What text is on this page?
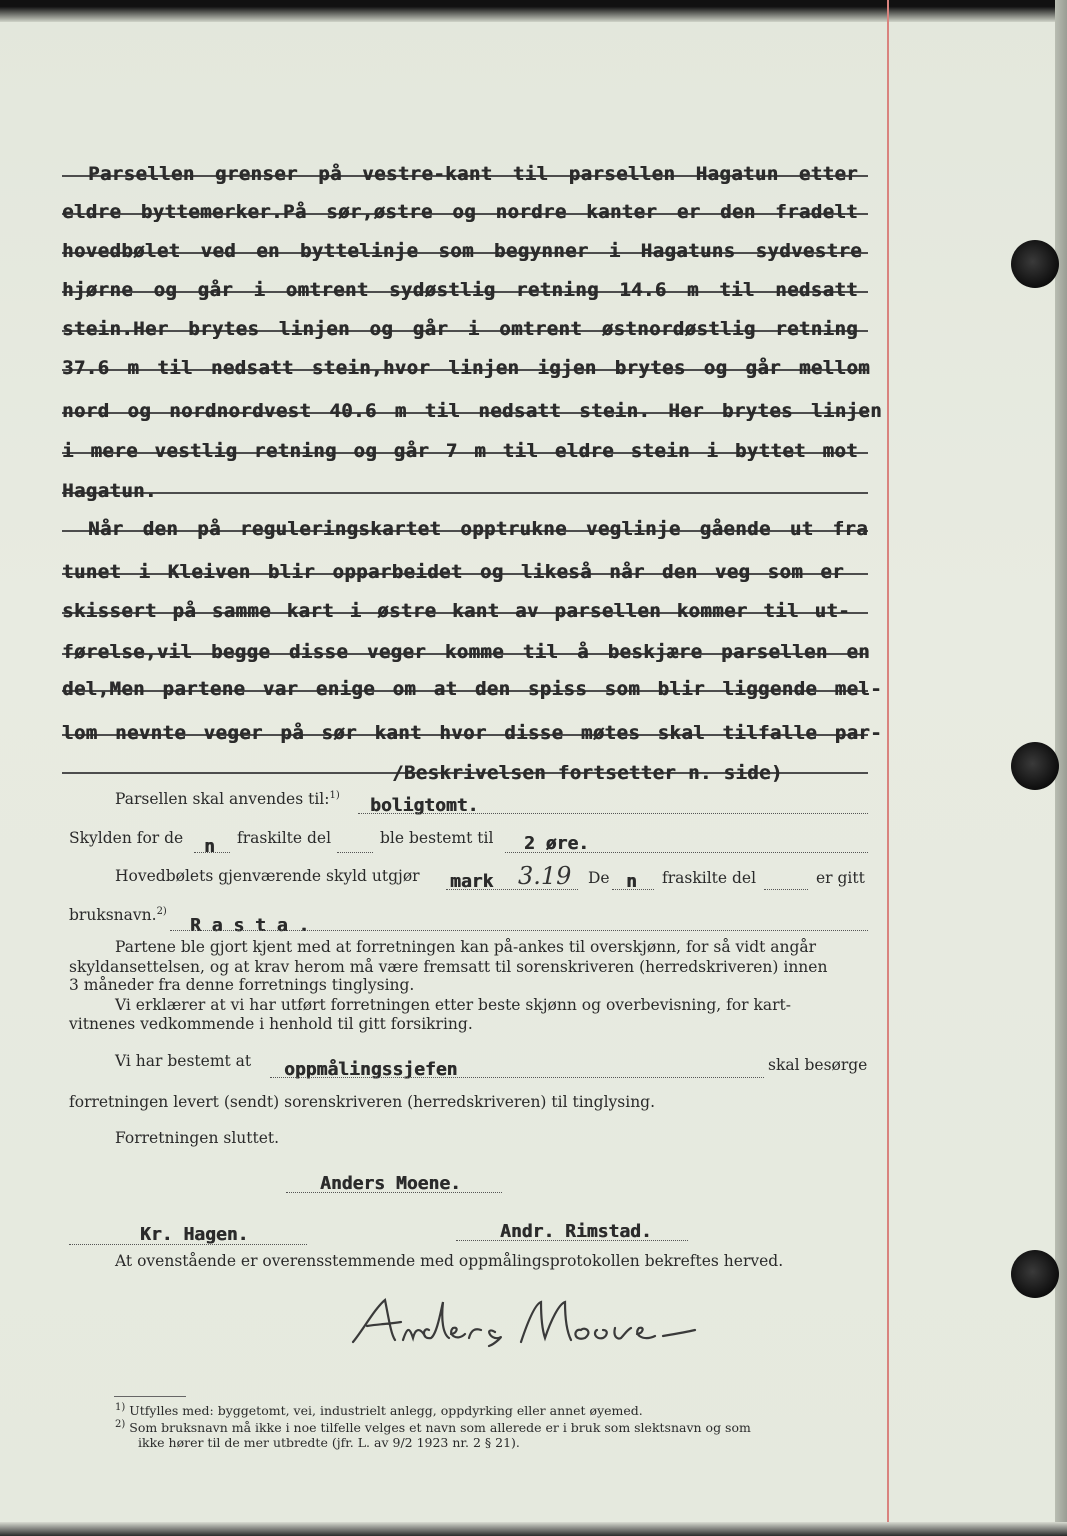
Parsellen grenser på vestre-kant til parsellen Hagatun etter
eldre byttemerker.På sør,østre og nordre kanter er den fradelt
hovedbølet ved en byttelinje som begynner i Hagatuns sydvestre
hjørne og går i omtrent sydøstlig retning 14.6 m til nedsatt
stein.Her brytes linjen og går i omtrent østnordøstlig retning
37.6 m til nedsatt stein,hvor linjen igjen brytes og går mellom
nord og nordnordvest 40.6 m til nedsatt stein. Her brytes linjen
i mere vestlig retning og går 7 m til eldre stein i byttet mot
Hagatun.
Når den på reguleringskartet opptrukne veglinje gående ut fra
tunet i Kleiven blir opparbeidet og likeså når den veg som er
skissert på samme kart i østre kant av parsellen kommer til ut-
førelse,vil begge disse veger komme til å beskjære parsellen en
del,Men partene var enige om at den spiss som blir liggende mel-
lom nevnte veger på sør kant hvor disse møtes skal tilfalle par-
/Beskrivelsen fortsetter n. side)
Parsellen skal anvendes til:$^{1)}$ boligtomt.
Skylden for de n fraskilte del	ble bestemt til 2 øre.
Hovedbølets gjenværende skyld utgjør mark 3.19 De n fraskilte del	er gitt
bruksnavn.$^{2)}$
R a s t a .
Partene ble gjort kjent med at forretningen kan på-ankes til overskjønn, for så vidt angår
skyldansettelsen, og at krav herom må være fremsatt til sorenskriveren (herredskriveren) innen
3 måneder fra denne forretnings tinglysing.
Vi erklærer at vi har utført forretningen etter beste skjønn og overbevisning, for kart-
vitnenes vedkommende i henhold til gitt forsikring.
Vi har bestemt at oppmålingssjefen	skal besørge
forretningen levert (sendt) sorenskriveren (herredskriveren) til tinglysing.
Forretningen sluttet.
Anders Moene.
Kr. Hagen.	Andr. Rimstad.
At ovenstående er overensstemmende med oppmålingsprotokollen bekreftes herved.
$^{1)}$ Utfylles med: byggetomt, vei, industrielt anlegg, oppdyrking eller annet øyemed.
$^{2)}$ Som bruksnavn må ikke i noe tilfelle velges et navn som allerede er i bruk som slektsnavn og som
ikke hører til de mer utbredte (jfr. L. av 9/2 1923 nr. 2 § 21).
